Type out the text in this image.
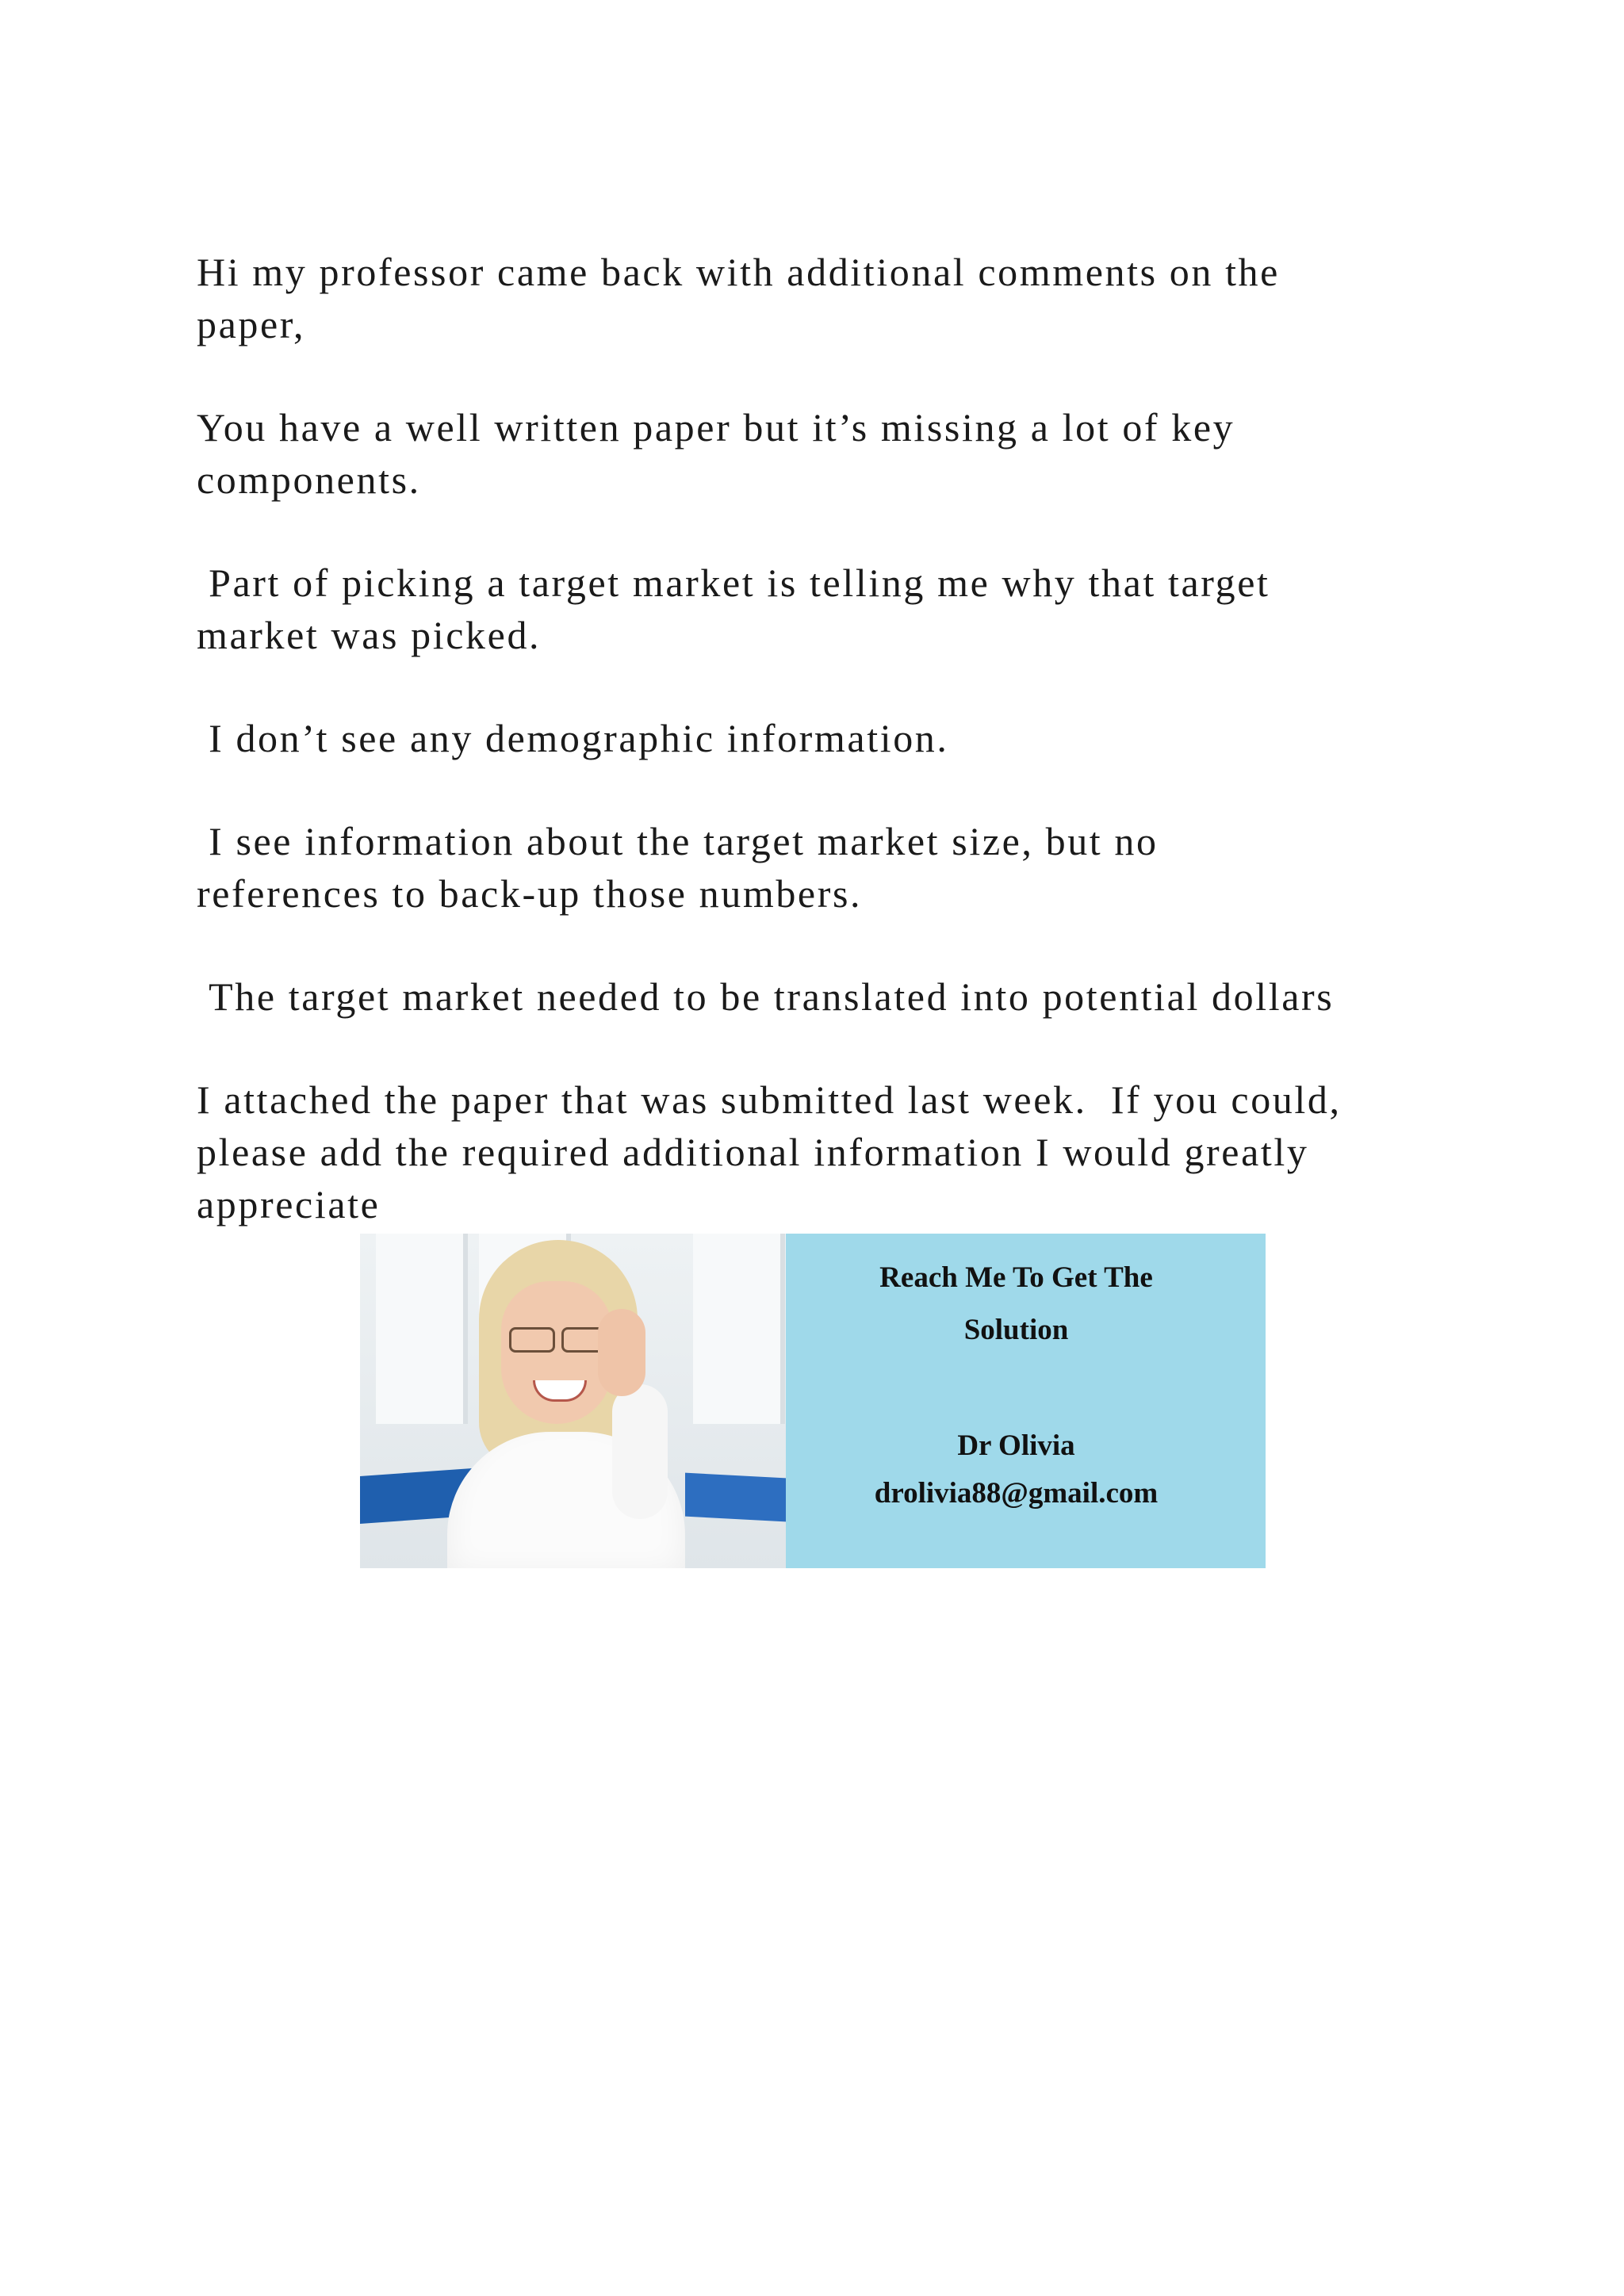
Hi my professor came back with additional comments on the
paper,

You have a well written paper but it’s missing a lot of key
components.

Part of picking a target market is telling me why that target
market was picked.

I don’t see any demographic information.

I see information about the target market size, but no
references to back-up those numbers.

The target market needed to be translated into potential dollars

I attached the paper that was submitted last week.  If you could,
please add the required additional information I would greatly
appreciate

Reach Me To Get The
Solution
Dr Olivia
drolivia88@gmail.com
